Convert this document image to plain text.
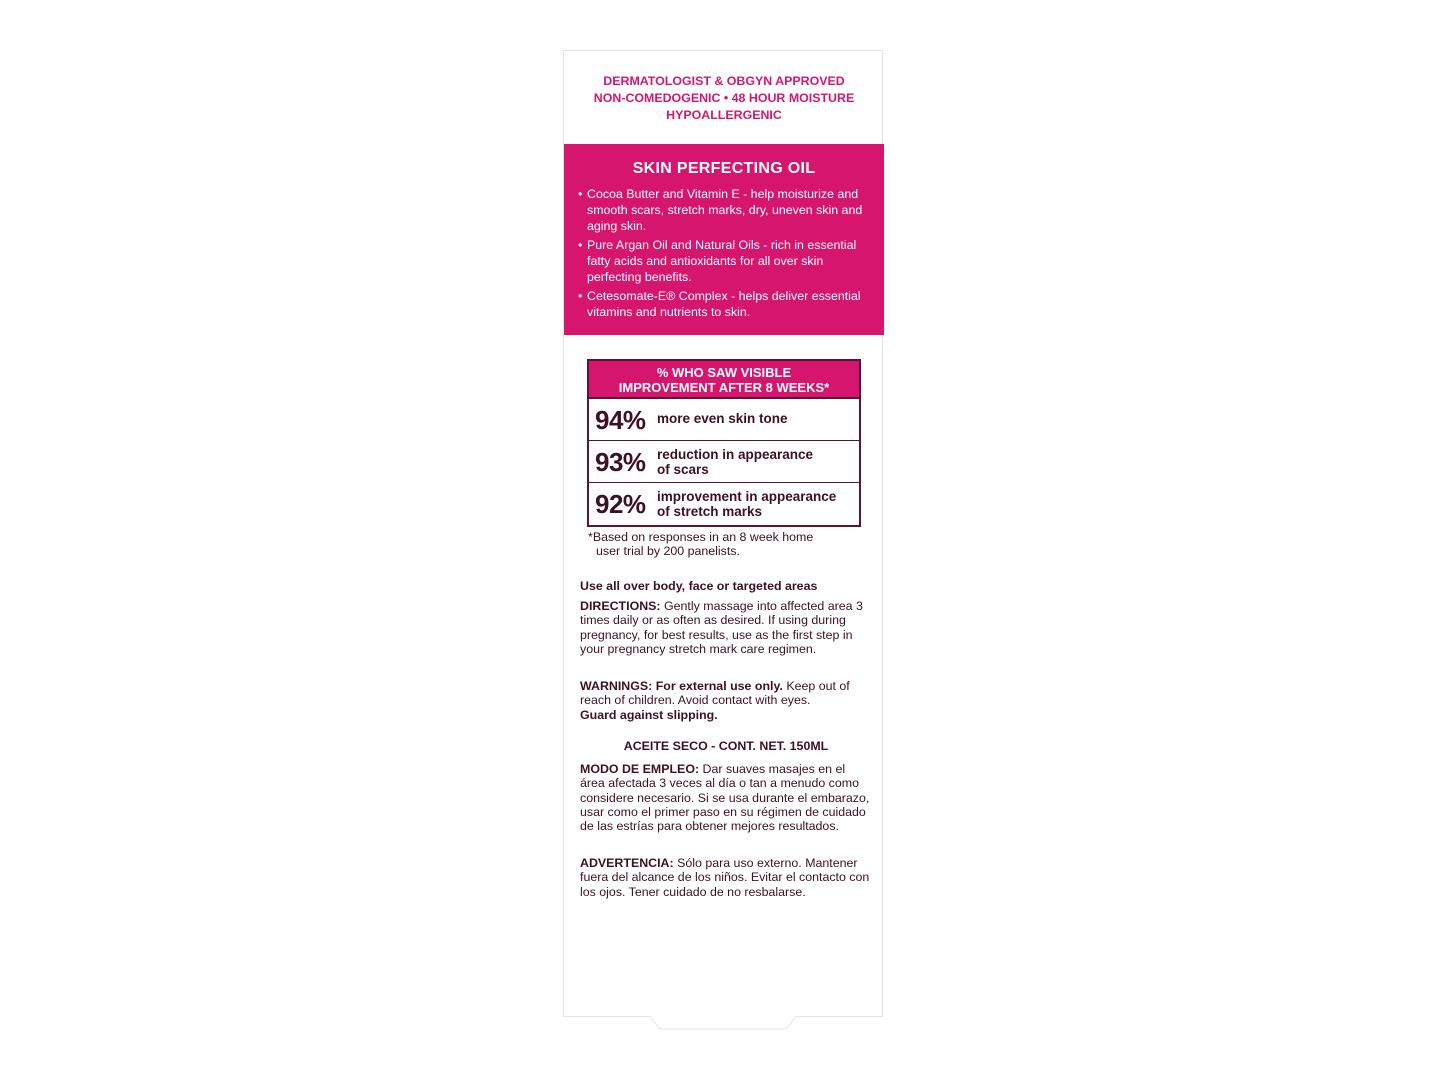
DERMATOLOGIST & OBGYN APPROVED
NON-COMEDOGENIC • 48 HOUR MOISTURE
HYPOALLERGENIC
SKIN PERFECTING OIL
• Cocoa Butter and Vitamin E - help moisturize and smooth scars, stretch marks, dry, uneven skin and aging skin.
• Pure Argan Oil and Natural Oils - rich in essential fatty acids and antioxidants for all over skin perfecting benefits.
• Cetesomate-E® Complex - helps deliver essential vitamins and nutrients to skin.
% WHO SAW VISIBLE
IMPROVEMENT AFTER 8 WEEKS*
94% more even skin tone
93% reduction in appearance
of scars
92% improvement in appearance
of stretch marks
*Based on responses in an 8 week home
user trial by 200 panelists.
Use all over body, face or targeted areas
DIRECTIONS: Gently massage into affected area 3 times daily or as often as desired. If using during pregnancy, for best results, use as the first step in your pregnancy stretch mark care regimen.
WARNINGS: For external use only. Keep out of reach of children. Avoid contact with eyes.
Guard against slipping.
ACEITE SECO - CONT. NET. 150ML
MODO DE EMPLEO: Dar suaves masajes en el área afectada 3 veces al día o tan a menudo como considere necesario. Si se usa durante el embarazo, usar como el primer paso en su régimen de cuidado de las estrías para obtener mejores resultados.
ADVERTENCIA: Sólo para uso externo. Mantener fuera del alcance de los niños. Evitar el contacto con los ojos. Tener cuidado de no resbalarse.
